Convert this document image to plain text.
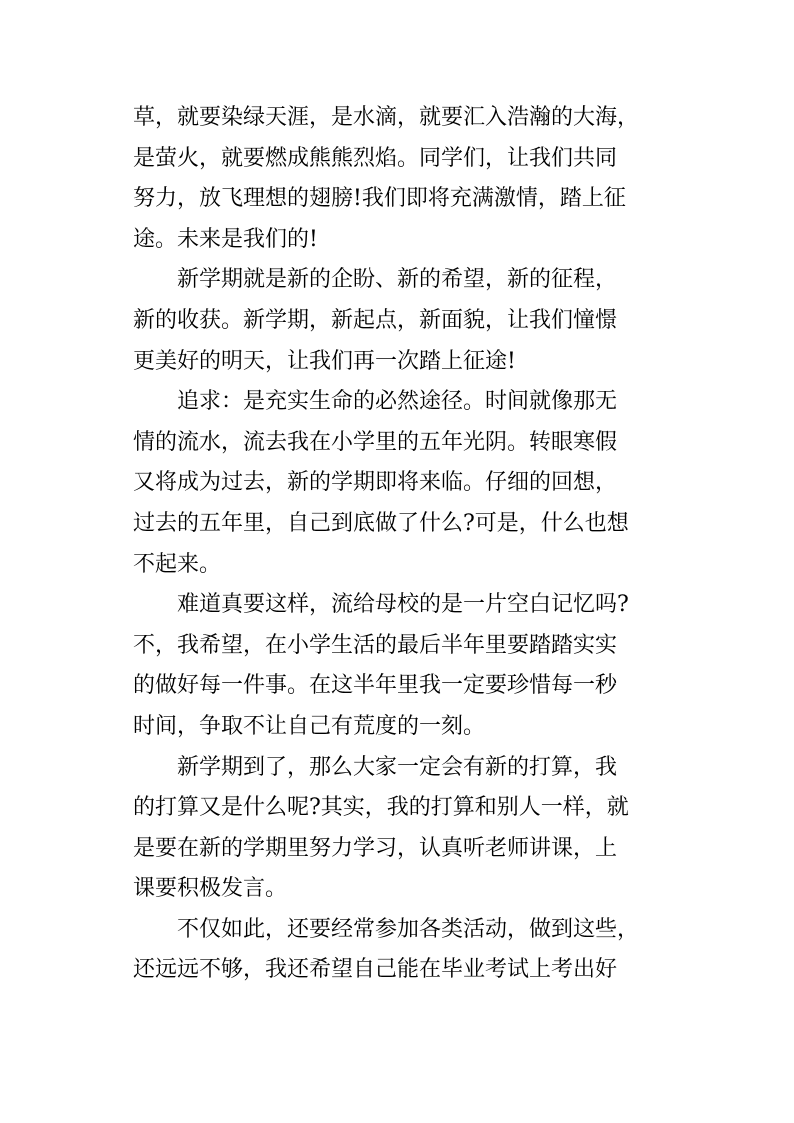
草，就要染绿天涯，是水滴，就要汇入浩瀚的大海，
是萤火，就要燃成熊熊烈焰。同学们，让我们共同
努力，放飞理想的翅膀!我们即将充满激情，踏上征
途。未来是我们的!
新学期就是新的企盼、新的希望，新的征程，
新的收获。新学期，新起点，新面貌，让我们憧憬
更美好的明天，让我们再一次踏上征途!
追求：是充实生命的必然途径。时间就像那无
情的流水，流去我在小学里的五年光阴。转眼寒假
又将成为过去，新的学期即将来临。仔细的回想，
过去的五年里，自己到底做了什么?可是，什么也想
不起来。
难道真要这样，流给母校的是一片空白记忆吗?
不，我希望，在小学生活的最后半年里要踏踏实实
的做好每一件事。在这半年里我一定要珍惜每一秒
时间，争取不让自己有荒度的一刻。
新学期到了，那么大家一定会有新的打算，我
的打算又是什么呢?其实，我的打算和别人一样，就
是要在新的学期里努力学习，认真听老师讲课，上
课要积极发言。
不仅如此，还要经常参加各类活动，做到这些，
还远远不够，我还希望自己能在毕业考试上考出好
